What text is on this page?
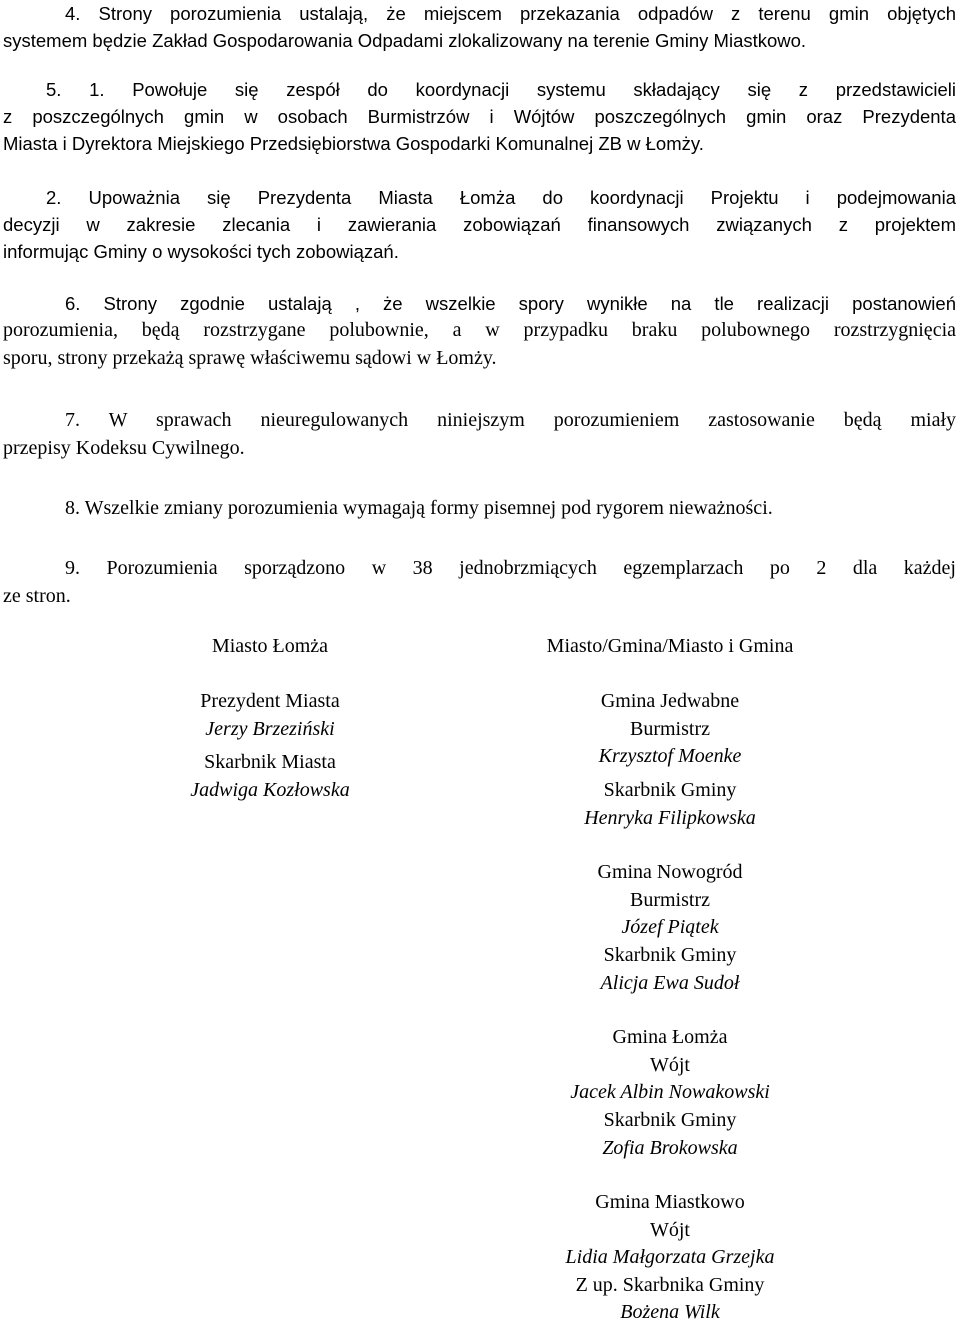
4. Strony porozumienia ustalają, że miejscem przekazania odpadów z terenu gmin objętych
systemem będzie Zakład Gospodarowania Odpadami zlokalizowany na terenie Gminy Miastkowo.
5. 1. Powołuje się zespół do koordynacji systemu składający się z przedstawicieli
z poszczególnych gmin w osobach Burmistrzów i Wójtów poszczególnych gmin oraz Prezydenta
Miasta i Dyrektora Miejskiego Przedsiębiorstwa Gospodarki Komunalnej ZB w Łomży.
2. Upoważnia się Prezydenta Miasta Łomża do koordynacji Projektu i podejmowania
decyzji w zakresie zlecania i zawierania zobowiązań finansowych związanych z projektem
informując Gminy o wysokości tych zobowiązań.
6. Strony zgodnie ustalają , że wszelkie spory wynikłe na tle realizacji postanowień
porozumienia, będą rozstrzygane polubownie, a w przypadku braku polubownego rozstrzygnięcia
sporu, strony przekażą sprawę właściwemu sądowi w Łomży.
7. W sprawach nieuregulowanych niniejszym porozumieniem zastosowanie będą miały
przepisy Kodeksu Cywilnego.
8. Wszelkie zmiany porozumienia wymagają formy pisemnej pod rygorem nieważności.
9. Porozumienia sporządzono w 38 jednobrzmiących egzemplarzach po 2 dla każdej
ze stron.
Miasto Łomża
Prezydent Miasta
Jerzy Brzeziński
Skarbnik Miasta
Jadwiga Kozłowska
Miasto/Gmina/Miasto i Gmina
Gmina Jedwabne
Burmistrz
Krzysztof Moenke
Skarbnik Gminy
Henryka Filipkowska
Gmina Nowogród
Burmistrz
Józef Piątek
Skarbnik Gminy
Alicja Ewa Sudoł
Gmina Łomża
Wójt
Jacek Albin Nowakowski
Skarbnik Gminy
Zofia Brokowska
Gmina Miastkowo
Wójt
Lidia Małgorzata Grzejka
Z up. Skarbnika Gminy
Bożena Wilk
